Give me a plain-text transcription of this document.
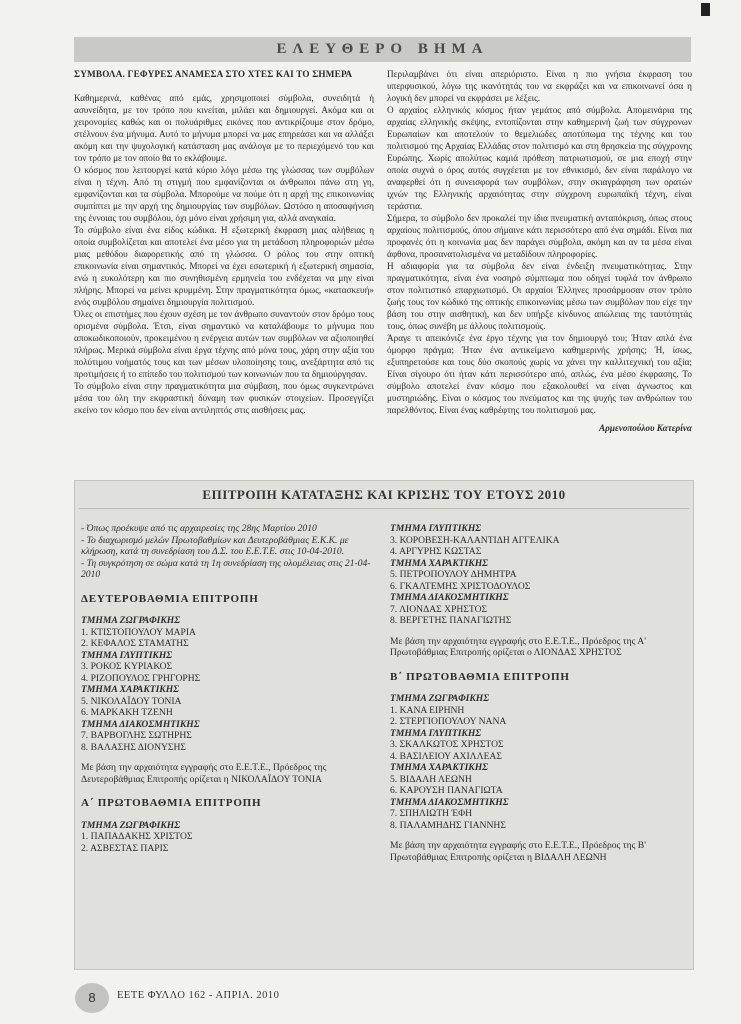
ΕΛΕΥΘΕΡΟ ΒΗΜΑ

ΣΥΜΒΟΛΑ. ΓΕΦΥΡΕΣ ΑΝΑΜΕΣΑ ΣΤΟ ΧΤΕΣ ΚΑΙ ΤΟ ΣΗΜΕΡΑ

Καθημερινά, καθένας από εμάς, χρησιμοποιεί σύμβολα, συνειδητά ή ασυνείδητα, με τον τρόπο που κινείται, μιλάει και δημιουργεί. Ακόμα και οι χειρονομίες καθώς και οι πολυάριθμες εικόνες που αντικρίζουμε στον δρόμο, στέλνουν ένα μήνυμα. Αυτό το μήνυμα μπορεί να μας επηρεάσει και να αλλάξει ακόμη και την ψυχολογική κατάσταση μας ανάλογα με το περιεχόμενό του και τον τρόπο με τον οποίο θα το εκλάβουμε.

Ο κόσμος που λειτουργεί κατά κύριο λόγο μέσω της γλώσσας των συμβόλων είναι η τέχνη. Από τη στιγμή που εμφανίζονται οι άνθρωποι πάνω στη γη, εμφανίζονται και τα σύμβολα. Μπορούμε να πούμε ότι η αρχή της επικοινωνίας συμπίπτει με την αρχή της δημιουργίας των συμβόλων. Ωστόσο η αποσαφήνιση της έννοιας του συμβόλου, όχι μόνο είναι χρήσιμη για, αλλά αναγκαία.

Το σύμβολο είναι ένα είδος κώδικα. Η εξωτερική έκφραση μιας αλήθειας η οποία συμβολίζεται και αποτελεί ένα μέσο για τη μετάδοση πληροφοριών μέσω μιας μεθόδου διαφορετικής από τη γλώσσα. Ο ρόλος του στην οπτική επικοινωνία είναι σημαντικός. Μπορεί να έχει εσωτερική ή εξωτερική σημασία, ενώ η ευκολότερη και πιο συνηθισμένη ερμηνεία του ενδέχεται να μην είναι πλήρης. Μπορεί να μείνει κρυμμένη. Στην πραγματικότητα όμως, «κατασκευή» ενός συμβόλου σημαίνει δημιουργία πολιτισμού.

Όλες οι επιστήμες που έχουν σχέση με τον άνθρωπο συναντούν στον δρόμο τους ορισμένα σύμβολα. Έτσι, είναι σημαντικό να καταλάβουμε το μήνυμα που αποκωδικοποιούν, προκειμένου η ενέργεια αυτών των συμβόλων να αξιοποιηθεί πλήρως. Μερικά σύμβολα είναι έργα τέχνης από μόνα τους, χάρη στην αξία του πολύτιμου νοήματός τους και των μέσων υλοποίησης τους, ανεξάρτητα από τις προτιμήσεις ή το επίπεδο του πολιτισμού των κοινωνιών που τα δημιούργησαν.

Το σύμβολο είναι στην πραγματικότητα μια σύμβαση, που όμως συγκεντρώνει μέσα του όλη την εκφραστική δύναμη των φυσικών στοιχείων. Προσεγγίζει εκείνο τον κόσμο που δεν είναι αντιληπτός στις αισθήσεις μας.

Περιλαμβάνει ότι είναι απεριόριστο. Είναι η πιο γνήσια έκφραση του υπερφυσικού, λόγω της ικανότητάς του να εκφράζει και να επικοινωνεί όσα η λογική δεν μπορεί να εκφράσει με λέξεις.

Ο αρχαίος ελληνικός κόσμος ήταν γεμάτος από σύμβολα. Απομεινάρια της αρχαίας ελληνικής σκέψης, εντοπίζονται στην καθημερινή ζωή των σύγχρονων Ευρωπαίων και αποτελούν το θεμελιώδες αποτύπωμα της τέχνης και του πολιτισμού της Αρχαίας Ελλάδας στον πολιτισμό και στη θρησκεία της σύγχρονης Ευρώπης. Χωρίς απολύτως καμιά πρόθεση πατριωτισμού, σε μια εποχή στην οποία συχνά ο όρος αυτός συγχέεται με τον εθνικισμό, δεν είναι παράλογο να αναφερθεί ότι η συνεισφορά των συμβόλων, στην σκιαγράφηση των ορατών ιχνών της Ελληνικής αρχαιότητας στην σύγχρονη ευρωπαϊκή τέχνη, είναι τεράστια.

Σήμερα, το σύμβολο δεν προκαλεί την ίδια πνευματική ανταπόκριση, όπως στους αρχαίους πολιτισμούς, όπου σήμαινε κάτι περισσότερο από ένα σημάδι. Είναι πια προφανές ότι η κοινωνία μας δεν παράγει σύμβολα, ακόμη και αν τα μέσα είναι άφθονα, προσανατολισμένα να μεταδίδουν πληροφορίες.

Η αδιαφορία για τα σύμβολα δεν είναι ένδειξη πνευματικότητας. Στην πραγματικότητα, είναι ένα νοσηρό σύμπτωμα που οδηγεί τυφλά τον άνθρωπο στον πολιτιστικό επαρχιωτισμό. Οι αρχαίοι Έλληνες προσάρμοσαν στον τρόπο ζωής τους τον κώδικό της οπτικής επικοινωνίας μέσω των συμβόλων που είχε την βάση του στην αισθητική, και δεν υπήρξε κίνδυνος απώλειας της ταυτότητάς τους, όπως συνέβη με άλλους πολιτισμούς.

Άραγε τι απεικόνιζε ένα έργο τέχνης για τον δημιουργό του; Ήταν απλά ένα όμορφο πράγμα; Ήταν ένα αντικείμενο καθημερινής χρήσης; Ή, ίσως, εξυπηρετούσε και τους δύο σκοπούς χωρίς να χάνει την καλλιτεχνική του αξία; Είναι σίγουρο ότι ήταν κάτι περισσότερο από, απλώς, ένα μέσο έκφρασης. Το σύμβολο αποτελεί έναν κόσμο που εξακολουθεί να είναι άγνωστος και μυστηριώδης. Είναι ο κόσμος του πνεύματος και της ψυχής των ανθρώπων του παρελθόντος. Είναι ένας καθρέφτης του πολιτισμού μας.

Αρμενοπούλου Κατερίνα

ΕΠΙΤΡΟΠΗ ΚΑΤΑΤΑΞΗΣ ΚΑΙ ΚΡΙΣΗΣ ΤΟΥ ΕΤΟΥΣ 2010
- Όπως προέκυψε από τις αρχαιρεσίες της 28ης Μαρτίου 2010
- Το διαχωρισμό μελών Πρωτοβαθμίων και Δευτεροβάθμιας Ε.Κ.Κ. με κλήρωση, κατά τη συνεδρίαση του Δ.Σ. του Ε.Ε.Τ.Ε. στις 10-04-2010.
- Τη συγκρότηση σε σώμα κατά τη 1η συνεδρίαση της ολομέλειας στις 21-04-2010
ΔΕΥΤΕΡΟΒΑΘΜΙΑ ΕΠΙΤΡΟΠΗ
ΤΜΗΜΑ ΖΩΓΡΑΦΙΚΗΣ
1. ΚΤΙΣΤΟΠΟΥΛΟΥ ΜΑΡΙΑ
2. ΚΕΦΑΛΟΣ ΣΤΑΜΑΤΗΣ
ΤΜΗΜΑ ΓΛΥΠΤΙΚΗΣ
3. ΡΟΚΟΣ ΚΥΡΙΑΚΟΣ
4. ΡΙΖΟΠΟΥΛΟΣ ΓΡΗΓΟΡΗΣ
ΤΜΗΜΑ ΧΑΡΑΚΤΙΚΗΣ
5. ΝΙΚΟΛΑΪΔΟΥ ΤΟΝΙΑ
6. ΜΑΡΚΑΚΗ ΤΖΕΝΗ
ΤΜΗΜΑ ΔΙΑΚΟΣΜΗΤΙΚΗΣ
7. ΒΑΡΒΟΓΛΗΣ ΣΩΤΗΡΗΣ
8. ΒΑΛΑΣΗΣ ΔΙΟΝΥΣΗΣ
Με βάση την αρχαιότητα εγγραφής στο Ε.Ε.Τ.Ε., Πρόεδρος της Δευτεροβάθμιας Επιτροπής ορίζεται η ΝΙΚΟΛΑΪΔΟΥ ΤΟΝΙΑ
Α΄ ΠΡΩΤΟΒΑΘΜΙΑ ΕΠΙΤΡΟΠΗ
ΤΜΗΜΑ ΖΩΓΡΑΦΙΚΗΣ
1. ΠΑΠΑΔΑΚΗΣ ΧΡΙΣΤΟΣ
2. ΑΣΒΕΣΤΑΣ ΠΑΡΙΣ
ΤΜΗΜΑ ΓΛΥΠΤΙΚΗΣ
3. ΚΟΡΟΒΕΣΗ-ΚΑΛΑΝΤΙΔΗ ΑΓΓΕΛΙΚΑ
4. ΑΡΓΥΡΗΣ ΚΩΣΤΑΣ
ΤΜΗΜΑ ΧΑΡΑΚΤΙΚΗΣ
5. ΠΕΤΡΟΠΟΥΛΟΥ ΔΗΜΗΤΡΑ
6. ΓΚΑΛΤΕΜΗΣ ΧΡΙΣΤΟΔΟΥΛΟΣ
ΤΜΗΜΑ ΔΙΑΚΟΣΜΗΤΙΚΗΣ
7. ΛΙΟΝΔΑΣ ΧΡΗΣΤΟΣ
8. ΒΕΡΓΕΤΗΣ ΠΑΝΑΓΙΩΤΗΣ
Με βάση την αρχαιότητα εγγραφής στο Ε.Ε.Τ.Ε., Πρόεδρος της Α' Πρωτοβάθμιας Επιτροπής ορίζεται ο ΛΙΟΝΔΑΣ ΧΡΗΣΤΟΣ
Β΄ ΠΡΩΤΟΒΑΘΜΙΑ ΕΠΙΤΡΟΠΗ
ΤΜΗΜΑ ΖΩΓΡΑΦΙΚΗΣ
1. ΚΑΝΑ ΕΙΡΗΝΗ
2. ΣΤΕΡΓΙΟΠΟΥΛΟΥ ΝΑΝΑ
ΤΜΗΜΑ ΓΛΥΠΤΙΚΗΣ
3. ΣΚΑΛΚΩΤΟΣ ΧΡΗΣΤΟΣ
4. ΒΑΣΙΛΕΙΟΥ ΑΧΙΛΛΕΑΣ
ΤΜΗΜΑ ΧΑΡΑΚΤΙΚΗΣ
5. ΒΙΔΑΛΗ ΛΕΩΝΗ
6. ΚΑΡΟΥΣΗ ΠΑΝΑΓΙΩΤΑ
ΤΜΗΜΑ ΔΙΑΚΟΣΜΗΤΙΚΗΣ
7. ΣΠΗΛΙΩΤΗ ΈΦΗ
8. ΠΑΛΑΜΗΔΗΣ ΓΙΑΝΝΗΣ
Με βάση την αρχαιότητα εγγραφής στο Ε.Ε.Τ.Ε., Πρόεδρος της Β' Πρωτοβάθμιας Επιτροπής ορίζεται η ΒΙΔΑΛΗ ΛΕΩΝΗ
8	ΕΕΤΕ ΦΥΛΛΟ 162 - ΑΠΡΙΛ. 2010
